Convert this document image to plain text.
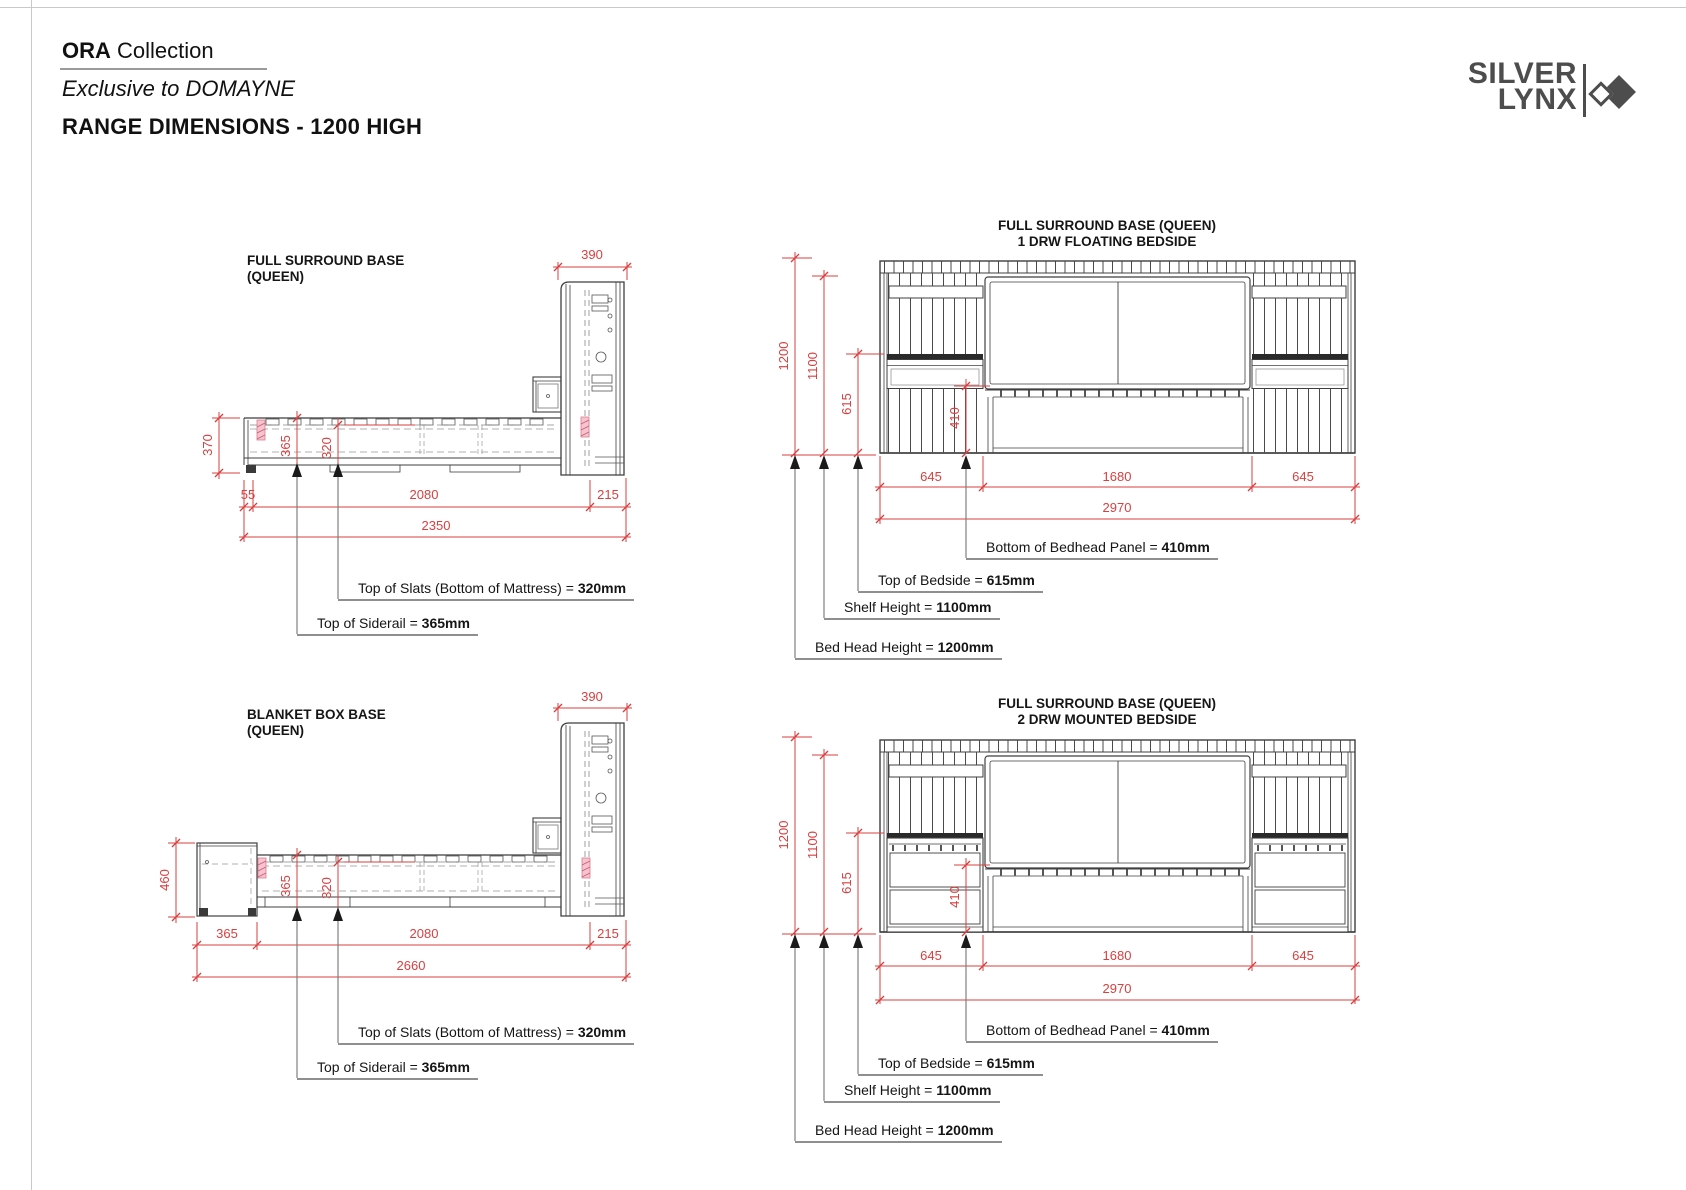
ORA Collection
Exclusive to DOMAYNE
RANGE DIMENSIONS - 1200 HIGH
SILVER
LYNX
390
370	365 320
55	2080	215
2350
1200 1100
615
410
645	1680	645
2970
390
460	365 320
365	2080	215
2660
1200 1100
615
410
645	1680	645
2970
FULL SURROUND BASE
(QUEEN)
FULL SURROUND BASE (QUEEN)
1 DRW FLOATING BEDSIDE
BLANKET BOX BASE
(QUEEN)
FULL SURROUND BASE (QUEEN)
2 DRW MOUNTED BEDSIDE
Top of Slats (Bottom of Mattress) = 320mm
Top of Siderail = 365mm
Bottom of Bedhead Panel = 410mm
Top of Bedside = 615mm
Shelf Height = 1100mm
Bed Head Height = 1200mm
Top of Slats (Bottom of Mattress) = 320mm
Top of Siderail = 365mm
Bottom of Bedhead Panel = 410mm
Top of Bedside = 615mm
Shelf Height = 1100mm
Bed Head Height = 1200mm
